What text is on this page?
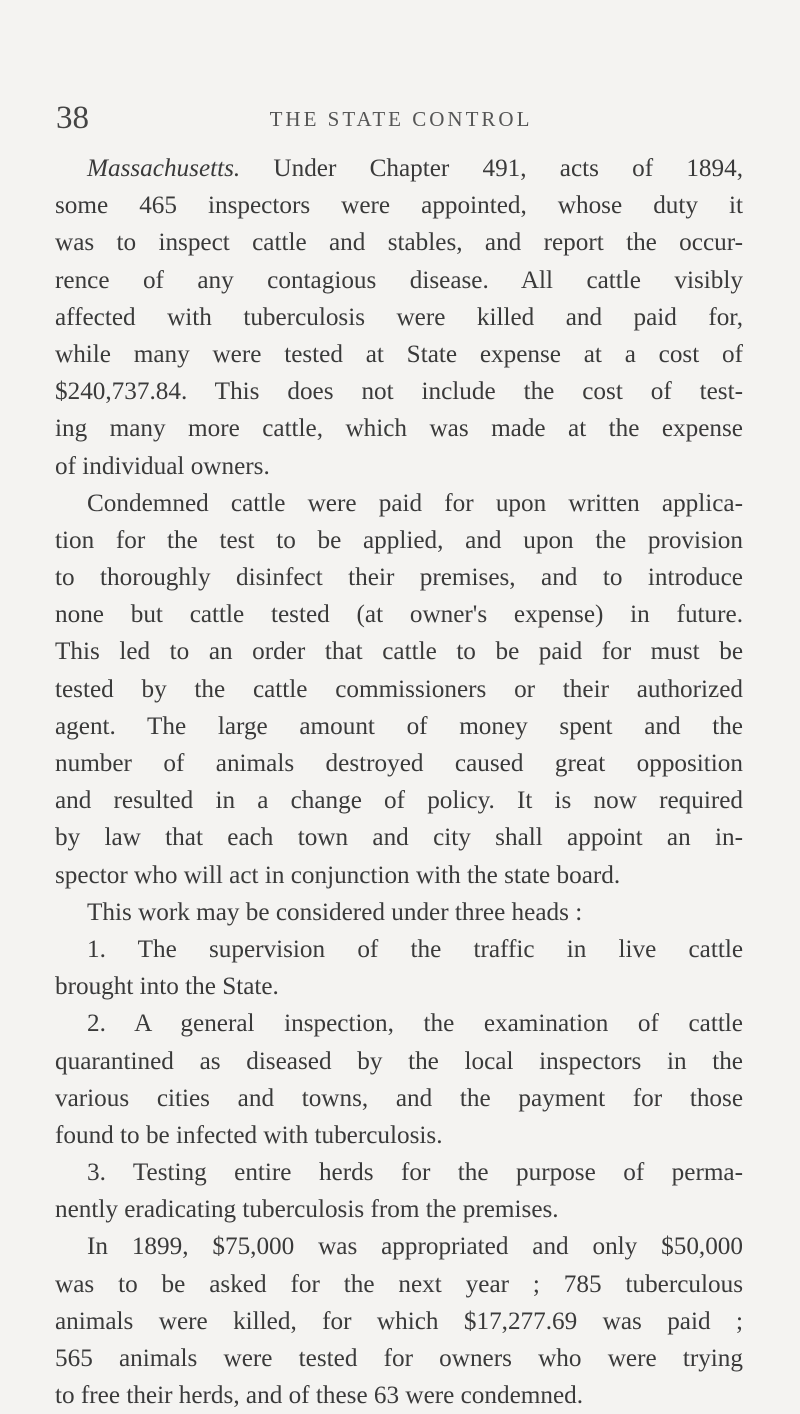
38	THE STATE CONTROL
Massachusetts. Under Chapter 491, acts of 1894,
some 465 inspectors were appointed, whose duty it
was to inspect cattle and stables, and report the occur-
rence of any contagious disease. All cattle visibly
affected with tuberculosis were killed and paid for,
while many were tested at State expense at a cost of
$240,737.84. This does not include the cost of test-
ing many more cattle, which was made at the expense
of individual owners.
Condemned cattle were paid for upon written applica-
tion for the test to be applied, and upon the provision
to thoroughly disinfect their premises, and to introduce
none but cattle tested (at owner's expense) in future.
This led to an order that cattle to be paid for must be
tested by the cattle commissioners or their authorized
agent. The large amount of money spent and the
number of animals destroyed caused great opposition
and resulted in a change of policy. It is now required
by law that each town and city shall appoint an in-
spector who will act in conjunction with the state board.
This work may be considered under three heads :
1. The supervision of the traffic in live cattle
brought into the State.
2. A general inspection, the examination of cattle
quarantined as diseased by the local inspectors in the
various cities and towns, and the payment for those
found to be infected with tuberculosis.
3. Testing entire herds for the purpose of perma-
nently eradicating tuberculosis from the premises.
In 1899, $75,000 was appropriated and only $50,000
was to be asked for the next year ; 785 tuberculous
animals were killed, for which $17,277.69 was paid ;
565 animals were tested for owners who were trying
to free their herds, and of these 63 were condemned.
